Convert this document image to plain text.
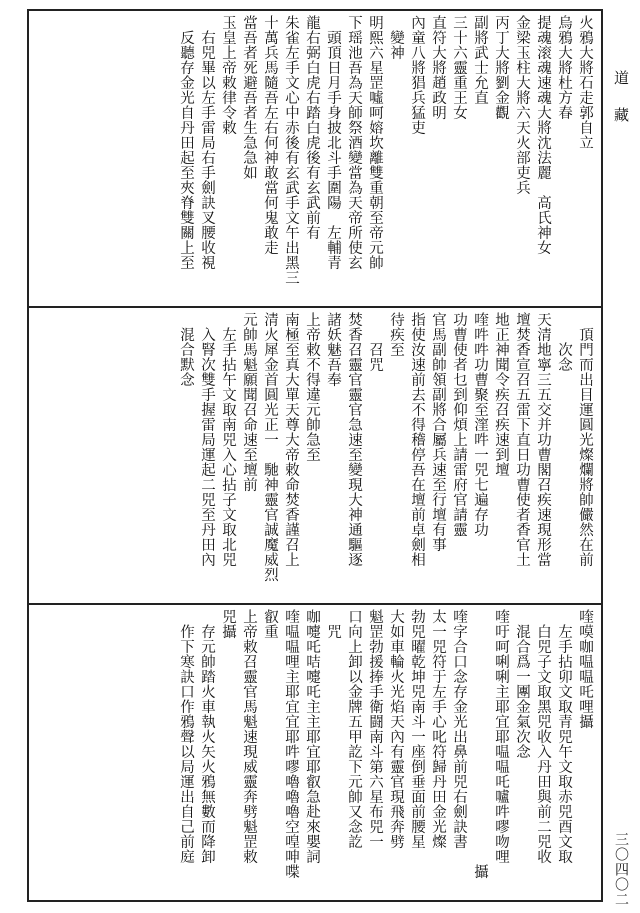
道藏
三〇四〇二
火鴉大將石走郭自立
烏鴉大將杜方春
提魂滚魂速魂大將沈法麗　高氏神女
金梁玉柱大將六天火部吏兵
丙丁大將劉金觀
副將武士允直
三十六靈重王女
直符大將趙政明
內童八將猖兵猛吏
　變神
明熙六星罡噓呵嫆坎離雙重朝至帝元帥
下瑶池吾為天師祭酒變當為天帝所使玄
　頭頂日月手身披北斗手圍陽　左輔青
龍右弼白虎右踏白虎後有玄武前有
朱雀左手文心中赤後有玄武手文午出黑三
十萬兵馬隨吾左右何神敢當何鬼敢走
當吾者死避吾者生急急如
玉皇上帝敕律令敕
　右兕畢以左手雷局右手劍訣叉腰收視
　反聽存金光自丹田起至夾脊雙關上至
　頂門而出目運圓光燦爛將帥儼然在前
　　次念
天清地寧三五交并功曹閣召疾速現形當
壇焚香宣召五雷下直日功曹使者香官土
地正神聞令疾召疾速到壇
喹吽吽功曹聚至漥吽一兕七遍存功
功曹使者乜到仰煩上請雷府官請靈
官馬副帥領副將合屬兵速至行壇有事
指使汝速前去不得稽停吾在壇前卓劍相
待疾至
　　召咒
焚香召靈官靈官急速至變現大神通驅逐
諸妖魅吾奉
上帝敕不得違元帥急至
南極至真大單天尊大帝敕命焚香謹召上
清火犀金首圓光正一　馳神靈官誠魔威烈
元帥馬魁願聞召命速至壇前
　左手拈午文取南兕入心拈子文取北兕
　入腎次雙手握雷局運起二兕至丹田內
　混合默念
喹嗼咖嗢嗢吒哩攝
　左手拈卯文取青兕午文取赤兕酉文取
　白兕子文取黑兕收入丹田與前二兕收
　混合爲一團金氣次念
喹吁呵唎唎主耶宜耶嗢嗢吒嚧吽嘐吻哩
　　　　　　　　　　　　　　　　　攝
喹字合口念存金光出鼻前兕右劍訣書
太一兕符于左手心叱符歸丹田金光燦
勃兕曜乾坤兕南斗一座倒垂面前腰星
大如車輪火光焰天內有靈官現飛奔劈
魁罡勃援捧手衛闘南斗第六星布兕一
口向上卸以金牌五甲訖下元帥又念訖
　咒
咖嚏吒咭嚏吒主主耶宜耶叡急赴來嬰詞
喹嗢嗢哩主耶宜宜耶吽嘐嚕嚕嚕空喤呻喋
叡重
上帝敕召靈官馬魁速現威靈奔劈魁罡敕
兕攝
　存元帥踏火車執火矢火鴉無數而降卸
　作下寒訣口作鴉聲以局運出自己前庭
